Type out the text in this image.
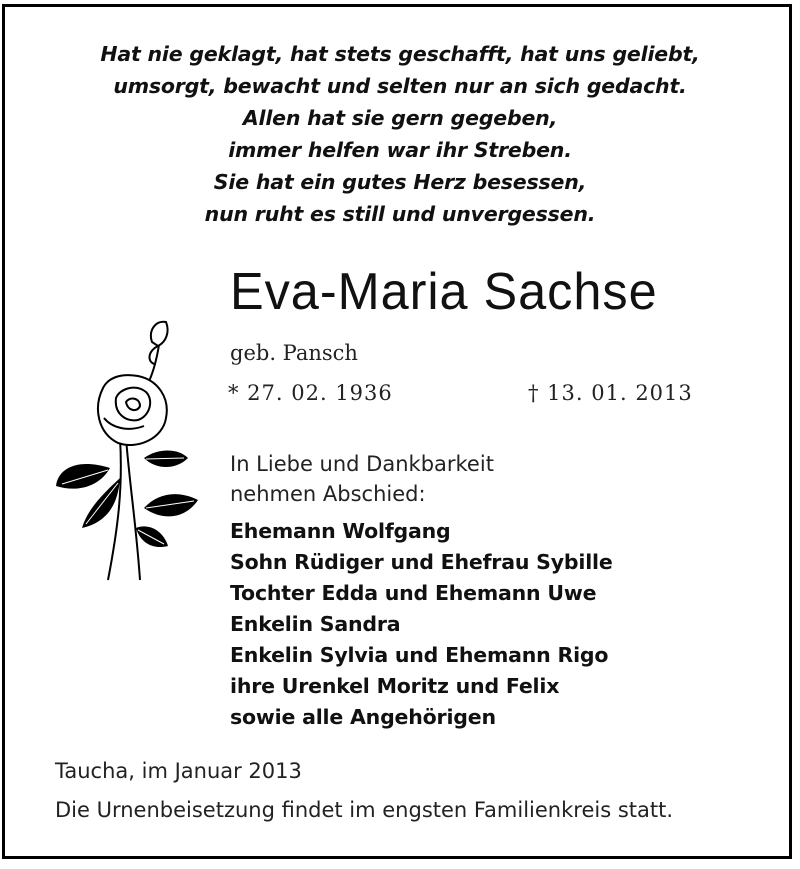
Hat nie geklagt, hat stets geschafft, hat uns geliebt,
umsorgt, bewacht und selten nur an sich gedacht.
Allen hat sie gern gegeben,
immer helfen war ihr Streben.
Sie hat ein gutes Herz besessen,
nun ruht es still und unvergessen.
Eva-Maria Sachse
geb. Pansch
* 27. 02. 1936	† 13. 01. 2013
In Liebe und Dankbarkeit
nehmen Abschied:
Ehemann Wolfgang
Sohn Rüdiger und Ehefrau Sybille
Tochter Edda und Ehemann Uwe
Enkelin Sandra
Enkelin Sylvia und Ehemann Rigo
ihre Urenkel Moritz und Felix
sowie alle Angehörigen
Taucha, im Januar 2013
Die Urnenbeisetzung findet im engsten Familienkreis statt.
